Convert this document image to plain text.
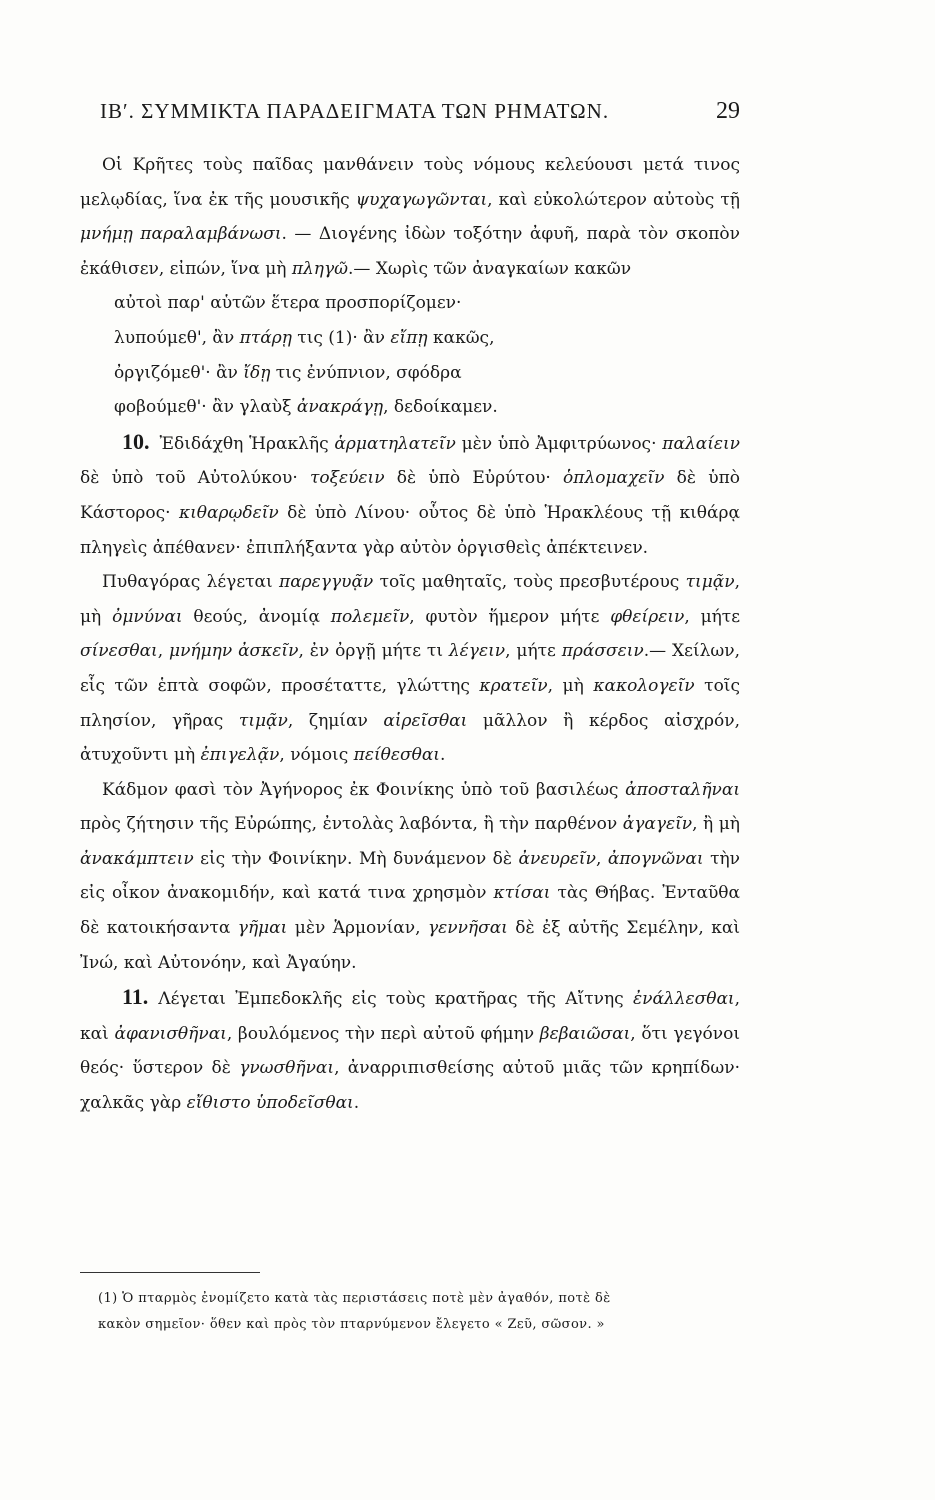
ΙΒʹ. ΣΥΜΜΙΚΤΑ ΠΑΡΑΔΕΙΓΜΑΤΑ ΤΩΝ ΡΗΜΑΤΩΝ.	29

Οἱ Κρῆτες τοὺς παῖδας μανθάνειν τοὺς νόμους κελεύουσι μετά τινος μελῳδίας, ἵνα ἐκ τῆς μουσικῆς ψυχαγωγῶνται, καὶ εὐκολώτερον αὐτοὺς τῇ μνήμῃ παραλαμβάνωσι. — Διογένης ἰδὼν τοξότην ἀφυῆ, παρὰ τὸν σκοπὸν ἐκάθισεν, εἰπών, ἵνα μὴ πληγῶ.— Χωρὶς τῶν ἀναγκαίων κακῶν

αὐτοὶ παρ' αὑτῶν ἕτερα προσπορίζομεν·
λυπούμεθ', ἂν πτάρῃ τις (1)· ἂν εἴπῃ κακῶς,
ὀργιζόμεθ'· ἂν ἴδῃ τις ἐνύπνιον, σφόδρα
φοβούμεθ'· ἂν γλαὺξ ἀνακράγῃ, δεδοίκαμεν.

10. Ἐδιδάχθη Ἡρακλῆς ἁρματηλατεῖν μὲν ὑπὸ Ἀμφιτρύωνος· παλαίειν δὲ ὑπὸ τοῦ Αὐτολύκου· τοξεύειν δὲ ὑπὸ Εὐρύτου· ὁπλομαχεῖν δὲ ὑπὸ Κάστορος· κιθαρῳδεῖν δὲ ὑπὸ Λίνου· οὗτος δὲ ὑπὸ Ἡρακλέους τῇ κιθάρᾳ πληγεὶς ἀπέθανεν· ἐπιπλήξαντα γὰρ αὐτὸν ὀργισθεὶς ἀπέκτεινεν.

Πυθαγόρας λέγεται παρεγγυᾷν τοῖς μαθηταῖς, τοὺς πρεσβυτέρους τιμᾷν, μὴ ὀμνύναι θεούς, ἀνομίᾳ πολεμεῖν, φυτὸν ἥμερον μήτε φθείρειν, μήτε σίνεσθαι, μνήμην ἀσκεῖν, ἐν ὀργῇ μήτε τι λέγειν, μήτε πράσσειν.— Χείλων, εἷς τῶν ἑπτὰ σοφῶν, προσέταττε, γλώττης κρατεῖν, μὴ κακολογεῖν τοῖς πλησίον, γῆρας τιμᾷν, ζημίαν αἱρεῖσθαι μᾶλλον ἢ κέρδος αἰσχρόν, ἀτυχοῦντι μὴ ἐπιγελᾷν, νόμοις πείθεσθαι.

Κάδμον φασὶ τὸν Ἀγήνορος ἐκ Φοινίκης ὑπὸ τοῦ βασιλέως ἀποσταλῆναι πρὸς ζήτησιν τῆς Εὐρώπης, ἐντολὰς λαβόντα, ἢ τὴν παρθένον ἀγαγεῖν, ἢ μὴ ἀνακάμπτειν εἰς τὴν Φοινίκην. Μὴ δυνάμενον δὲ ἀνευρεῖν, ἀπογνῶναι τὴν εἰς οἶκον ἀνακομιδήν, καὶ κατά τινα χρησμὸν κτίσαι τὰς Θήβας. Ἐνταῦθα δὲ κατοικήσαντα γῆμαι μὲν Ἁρμονίαν, γεννῆσαι δὲ ἐξ αὐτῆς Σεμέλην, καὶ Ἰνώ, καὶ Αὐτονόην, καὶ Ἀγαύην.

11. Λέγεται Ἐμπεδοκλῆς εἰς τοὺς κρατῆρας τῆς Αἴτνης ἐνάλλεσθαι, καὶ ἀφανισθῆναι, βουλόμενος τὴν περὶ αὐτοῦ φήμην βεβαιῶσαι, ὅτι γεγόνοι θεός· ὕστερον δὲ γνωσθῆναι, ἀναρριπισθείσης αὐτοῦ μιᾶς τῶν κρηπίδων· χαλκᾶς γὰρ εἴθιστο ὑποδεῖσθαι.

(1) Ὁ πταρμὸς ἐνομίζετο κατὰ τὰς περιστάσεις ποτὲ μὲν ἀγαθόν, ποτὲ δὲ
κακὸν σημεῖον· ὅθεν καὶ πρὸς τὸν πταρνύμενον ἔλεγετο « Ζεῦ, σῶσον. »
